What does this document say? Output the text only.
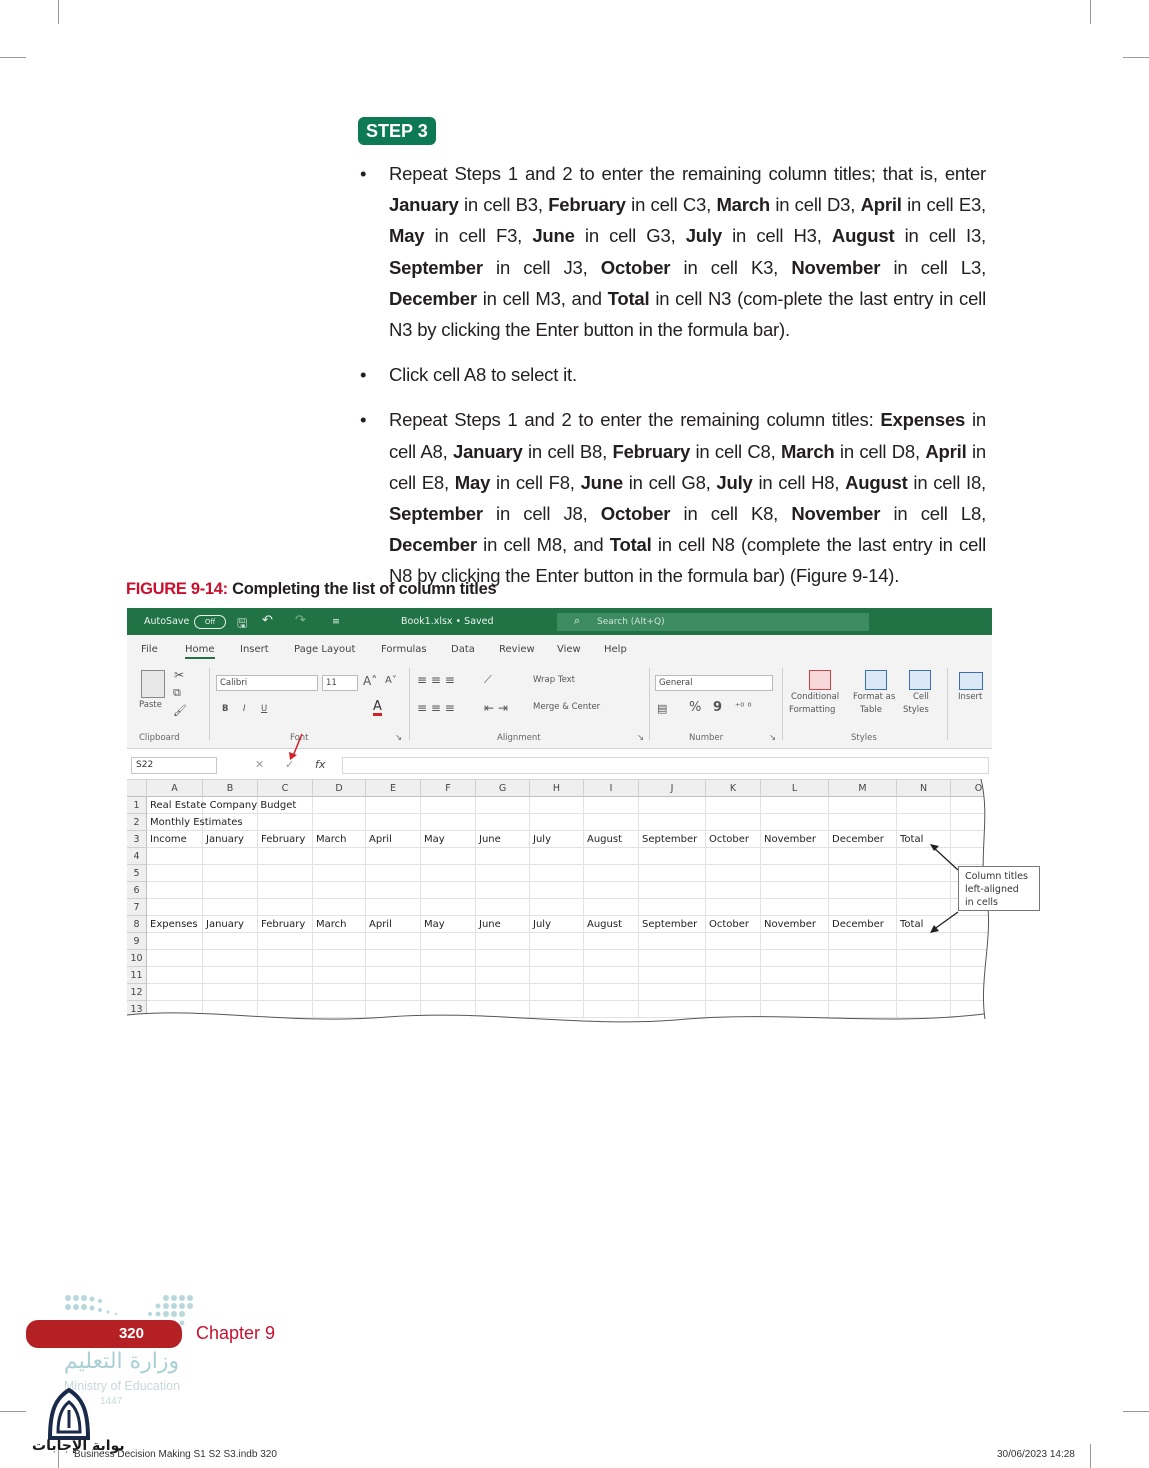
STEP 3
• Repeat Steps 1 and 2 to enter the remaining column titles; that is, enter January in cell B3, February in cell C3, March in cell D3, April in cell E3, May in cell F3, June in cell G3, July in cell H3, August in cell I3, September in cell J3, October in cell K3, November in cell L3, December in cell M3, and Total in cell N3 (com-plete the last entry in cell N3 by clicking the Enter button in the formula bar).
• Click cell A8 to select it.
• Repeat Steps 1 and 2 to enter the remaining column titles: Expenses in cell A8, January in cell B8, February in cell C8, March in cell D8, April in cell E8, May in cell F8, June in cell G8, July in cell H8, August in cell I8, September in cell J8, October in cell K8, November in cell L8, December in cell M8, and Total in cell N8 (complete the last entry in cell N8 by clicking the Enter button in the formula bar) (Figure 9-14).
FIGURE 9-14: Completing the list of column titles
AutoSave	Off	🖫 ↶ ↷	≡	Book1.xlsx • Saved	Search (Alt+Q)
⌕
File	Home	Insert	Page Layout	Formulas Data Review View Help
Paste
✂
⧉
🖌
Clipboard
Calibri	11	A˄ A˅
B I U	A
Font	↘
≡ ≡ ≡	⟋
≡ ≡ ≡ ⇤ ⇥
Wrap Text
Merge & Center
Alignment	↘
General
▤ % 9 ⁺⁰ ⁰
Number	↘
Conditional
Formatting
Format as
Table
Cell
Styles
Styles
Insert
S22	✕ ✓ fx
A	B	C	D	E	F	G	H	I	J	K	L	M	N	O
1	Real Estate Company Budget
2	Monthly Estimates
3	Income	January	February	March	April	May	June	July	August	September	October	November	December	Total
4
5
6
7
8	Expenses January	February	March	April	May	June	July	August	September	October	November	December	Total
9
10
11
12
13
Column titles
left-aligned
in cells
320	Chapter 9
وزارة التعليم
Ministry of Education
1447
بوابة الإجابات
Business Decision Making S1 S2 S3.indb 320	30/06/2023 14:28
